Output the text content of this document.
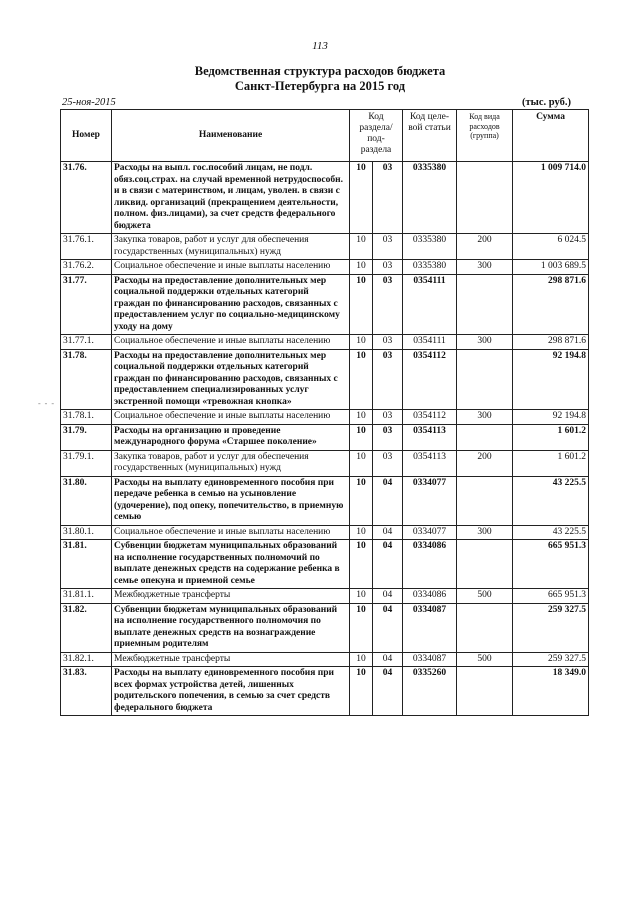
113
Ведомственная структура расходов бюджета
Санкт-Петербурга на 2015 год
25-ноя-2015	(тыс. руб.)
- - -
Номер	Наименование	Код раздела/ под- раздела		Код целе- вой статьи	Код вида расходов (группа)	Сумма
31.76.	Расходы на выпл. гос.пособий лицам, не подл. обяз.соц.страх. на случай временной нетрудоспособн. и в связи с материнством, и лицам, уволен. в связи с ликвид. организаций (прекращением деятельности, полном. физ.лицами), за счет средств федерального бюджета	10	03	0335380		1 009 714.0
31.76.1.	Закупка товаров, работ и услуг для обеспечения государственных (муниципальных) нужд	10	03	0335380	200	6 024.5
31.76.2.	Социальное обеспечение и иные выплаты населению	10	03	0335380	300	1 003 689.5
31.77.	Расходы на предоставление дополнительных мер социальной поддержки отдельных категорий граждан по финансированию расходов, связанных с предоставлением услуг по социально-медицинскому уходу на дому	10	03	0354111		298 871.6
31.77.1.	Социальное обеспечение и иные выплаты населению	10	03	0354111	300	298 871.6
31.78.	Расходы на предоставление дополнительных мер социальной поддержки отдельных категорий граждан по финансированию расходов, связанных с предоставлением специализированных услуг экстренной помощи «тревожная кнопка»	10	03	0354112		92 194.8
31.78.1.	Социальное обеспечение и иные выплаты населению	10	03	0354112	300	92 194.8
31.79.	Расходы на организацию и проведение международного форума «Старшее поколение»	10	03	0354113		1 601.2
31.79.1.	Закупка товаров, работ и услуг для обеспечения государственных (муниципальных) нужд	10	03	0354113	200	1 601.2
31.80.	Расходы на выплату единовременного пособия при передаче ребенка в семью на усыновление (удочерение), под опеку, попечительство, в приемную семью	10	04	0334077		43 225.5
31.80.1.	Социальное обеспечение и иные выплаты населению	10	04	0334077	300	43 225.5
31.81.	Субвенции бюджетам муниципальных образований на исполнение государственных полномочий по выплате денежных средств на содержание ребенка в семье опекуна и приемной семье	10	04	0334086		665 951.3
31.81.1.	Межбюджетные трансферты	10	04	0334086	500	665 951.3
31.82.	Субвенции бюджетам муниципальных образований на исполнение государственного полномочия по выплате денежных средств на вознаграждение приемным родителям	10	04	0334087		259 327.5
31.82.1.	Межбюджетные трансферты	10	04	0334087	500	259 327.5
31.83.	Расходы на выплату единовременного пособия при всех формах устройства детей, лишенных родительского попечения, в семью за счет средств федерального бюджета	10	04	0335260		18 349.0
